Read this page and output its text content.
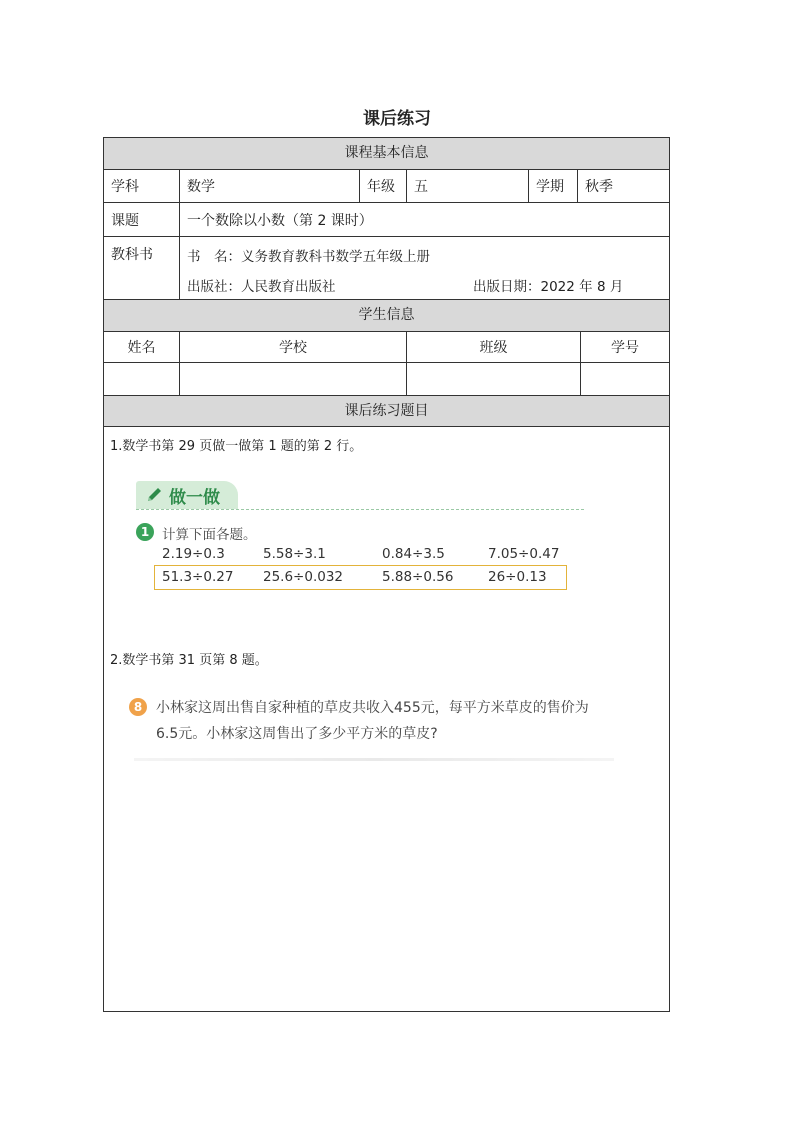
课后练习
课程基本信息
学科	数学	年级	五	学期	秋季
课题	一个数除以小数（第 2 课时）
教科书	书　名：义务教育教科书数学五年级上册
出版社：人民教育出版社	出版日期：2022 年 8 月
学生信息
姓名	学校	班级	学号
课后练习题目
1.数学书第 29 页做一做第 1 题的第 2 行。
做一做
1 计算下面各题。
2.19÷0.3	5.58÷3.1	0.84÷3.5	7.05÷0.47
51.3÷0.27 25.6÷0.032	5.88÷0.56	26÷0.13
2.数学书第 31 页第 8 题。
8 小林家这周出售自家种植的草皮共收入455元，每平方米草皮的售价为
6.5元。小林家这周售出了多少平方米的草皮?
